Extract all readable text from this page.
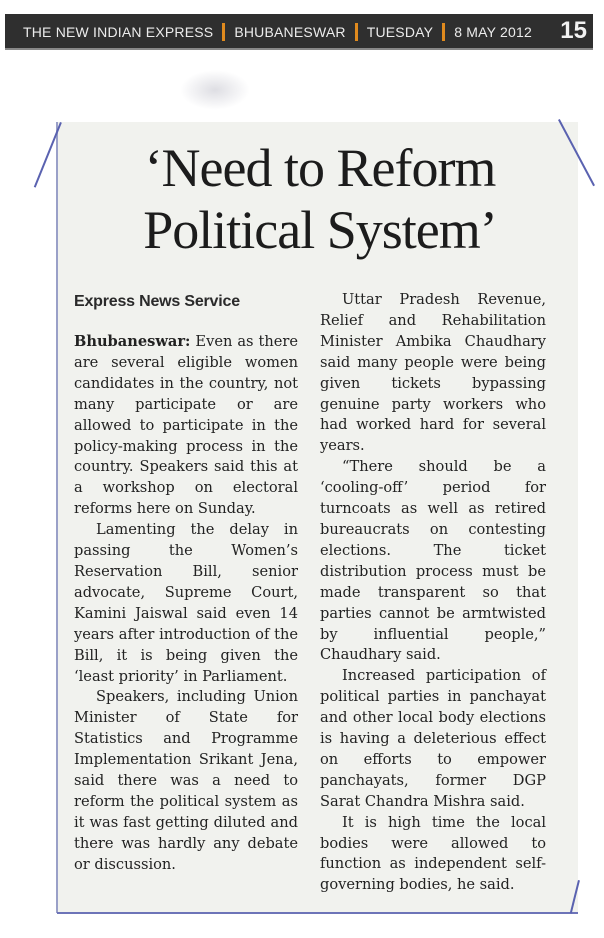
THE NEW INDIAN EXPRESS BHUBANESWAR TUESDAY 8 MAY 2012 15
‘Need to Reform
Political System’
Express News Service

Bhubaneswar: Even as there are several eligible women candidates in the country, not many participate or are allowed to participate in the policy-making process in the country. Speakers said this at a workshop on electoral reforms here on Sunday.

Lamenting the delay in passing the Women’s Reservation Bill, senior advocate, Supreme Court, Kamini Jaiswal said even 14 years after introduction of the Bill, it is being given the ‘least priority’ in Parliament.

Speakers, including Union Minister of State for Statistics and Programme Implementation Srikant Jena, said there was a need to reform the political system as it was fast getting diluted and there was hardly any debate or discussion.

Uttar Pradesh Revenue, Relief and Rehabilitation Minister Ambika Chaudhary said many people were being given tickets bypassing genuine party workers who had worked hard for several years.

“There should be a ‘cooling-off’ period for turncoats as well as retired bureaucrats on contesting elections. The ticket distribution process must be made transparent so that parties cannot be armtwisted by influential people,” Chaudhary said.

Increased participation of political parties in panchayat and other local body elections is having a deleterious effect on efforts to empower panchayats, former DGP Sarat Chandra Mishra said.

It is high time the local bodies were allowed to function as independent self-governing bodies, he said.
